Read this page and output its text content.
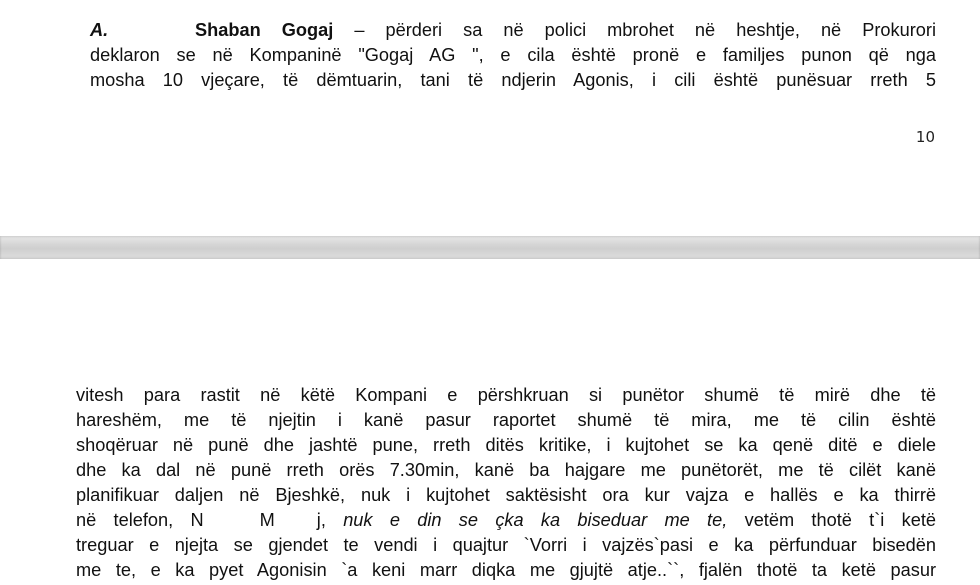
A.	Shaban Gogaj – përderi sa në polici mbrohet në heshtje, në Prokurori
deklaron se në Kompaninë "Gogaj AG ", e cila është pronë e familjes punon që nga
mosha 10 vjeçare, të dëmtuarin, tani të ndjerin Agonis, i cili është punësuar rreth 5
10
vitesh para rastit në këtë Kompani e përshkruan si punëtor shumë të mirë dhe të
hareshëm, me të njejtin i kanë pasur raportet shumë të mira, me të cilin është
shoqëruar në punë dhe jashtë pune, rreth ditës kritike, i kujtohet se ka qenë ditë e diele
dhe ka dal në punë rreth orës 7.30min, kanë ba hajgare me punëtorët, me të cilët kanë
planifikuar daljen në Bjeshkë, nuk i kujtohet saktësisht ora kur vajza e hallës e ka thirrë
në telefon, N	M j, nuk e din se çka ka biseduar me te, vetëm thotë t`i ketë
treguar e njejta se gjendet te vendi i quajtur `Vorri i vajzës`pasi e ka përfunduar bisedën
me te, e ka pyet Agonisin `a keni marr diqka me gjujtë atje..``, fjalën thotë ta ketë pasur
